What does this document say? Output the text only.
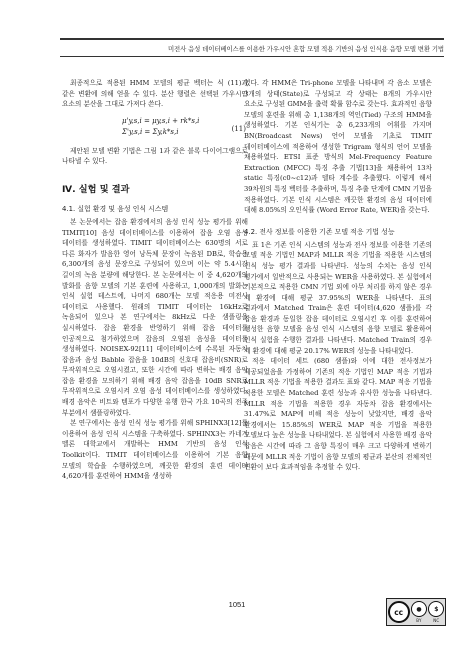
미전사 음성 데이터베이스를 이용한 가우시안 혼합 모델 적용 기반의 음성 인식용 음향 모델 변환 기법

최종적으로 적용된 HMM 모델의 평균 벡터는 식 (11)과 같은 변환에 의해 얻을 수 있다. 분산 행렬은 선택된 가우시안 요소의 분산을 그대로 가져다 쓴다.

μ'y,s,i = μy,s,i + rk*s,i
Σ'y,s,i = Σy,k*s,i	(11)

제안된 모델 변환 기법은 그림 1과 같은 블록 다이어그램으로 나타낼 수 있다.

Ⅳ. 실험 및 결과
4.1. 실험 환경 및 음성 인식 시스템

본 논문에서는 잡음 환경에서의 음성 인식 성능 평가를 위해 TIMIT[10] 음성 데이터베이스를 이용하여 잡음 오염 음성 데이터를 생성하였다. TIMIT 데이터베이스는 630명의 서로 다른 화자가 발음한 영어 낭독체 문장이 녹음된 DB로, 학습용 6,300개의 음성 문장으로 구성되어 있으며 이는 약 5.4시간 길이의 녹음 분량에 해당한다. 본 논문에서는 이 중 4,620개의 발화를 음향 모델의 기본 훈련에 사용하고, 1,000개의 발화는 인식 실험 테스트에, 나머지 680개는 모델 적응용 미전사 데이터로 사용했다. 원래의 TIMIT 데이터는 16kHz로 녹음되어 있으나 본 연구에서는 8kHz로 다운 샘플링을 실시하였다. 잡음 환경을 반영하기 위해 잡음 데이터를 인공적으로 첨가하였으며 잡음의 오염된 음성을 데이터를 생성하였다. NOISEX-92[11] 데이터베이스에 수록된 자동차 잡음과 음성 Babble 잡음을 10dB의 신호대 잡음비(SNR)로 무작위적으로 오염시켰고, 또한 시간에 따라 변하는 배경 음악 잡음 환경을 모의하기 위해 배경 음악 잡음을 10dB SNR로 무작위적으로 오염시켜 오염 음성 데이터베이스를 생성하였다. 배경 음악은 비트와 템포가 다양한 유행 한국 가요 10곡의 전주 부분에서 샘플링하였다.

본 연구에서는 음성 인식 성능 평가를 위해 SPHINX3[12]를 이용하여 음성 인식 시스템을 구축하였다. SPHINX3는 카네기 멜론 대학교에서 개발하는 HMM 기반의 음성 인식 Toolkit이다. TIMIT 데이터베이스를 이용하여 기본 음향 모델의 학습을 수행하였으며, 깨끗한 환경의 훈련 데이터 4,620개를 훈련하여 HMM을 생성하

였다. 각 HMM은 Tri-phone 모델을 나타내며 각 음소 모델은 3개의 상태(State)로 구성되고 각 상태는 8개의 가우시안 요소로 구성된 GMM을 출력 확률 함수로 갖는다. 효과적인 음향 모델의 훈련을 위해 총 1,138개의 역인(Tied) 구조의 HMM을 생성하였다. 기본 인식기는 총 6,233개의 어휘를 가지며 BN(Broadcast News) 언어 모델을 기초로 TIMIT 데이터베이스에 적용하여 생성한 Trigram 형식의 언어 모델을 채용하였다. ETSI 표준 방식의 Mel-Frequency Feature Extraction (MFCC) 특징 추출 기법[13]을 채용하여 13차 static 특징(c0~c12)과 델타 계수를 추출했다. 이렇게 해서 39차원의 특징 벡터를 추출하며, 특징 추출 단계에 CMN 기법을 적용하였다. 기본 인식 시스템은 깨끗한 환경의 음성 데이터에 대해 8.05%의 오인식률 (Word Error Rate, WER)을 갖는다.

4.2. 전사 정보를 이용한 기존 모델 적응 기법 성능

표 1은 기존 인식 시스템의 성능과 전사 정보를 이용한 기존의 모델 적응 기법인 MAP과 MLLR 적응 기법을 적용한 시스템의 인식 성능 평가 결과를 나타낸다. 성능의 수치는 음성 인식 평가에서 일반적으로 사용되는 WER을 사용하였다. 본 실험에서 기본적으로 적용한 CMN 기법 외에 아무 처리를 하지 않은 경우 세 환경에 대해 평균 37.95%의 WER을 나타낸다. 표의 결과에서 Matched Train은 훈련 데이터(4,620 샘플)를 각 잡음 환경과 동일한 잡음 데이터로 오염시킨 후 이를 훈련하여 생성한 음향 모델을 음성 인식 시스템의 음향 모델로 활용하여 인식 실험을 수행한 결과를 나타낸다. Matched Train의 경우 세 환경에 대해 평균 20.17% WER의 성능을 나타내었다.

적응 데이터 세트 (680 샘플)와 이에 대한 전사정보가 제공되었음을 가정하여 기존의 적응 기법인 MAP 적응 기법과 MLLR 적응 기법을 적용한 결과도 표와 같다. MAP 적응 기법을 적용한 모델은 Matched 훈련 성능과 유사한 성능을 나타낸다. MLLR 적응 기법을 적용한 경우 자동차 잡음 환경에서는 31.47%로 MAP에 비해 적응 성능이 낮았지만, 배경 음악 환경에서는 15.85%의 WER로 MAP 적응 기법을 적용한 모델보다 높은 성능을 나타내었다. 본 실험에서 사용한 배경 음악 잡음은 시간에 따라 그 음향 특징이 매우 크고 다양하게 변하기 때문에 MLLR 적응 기법이 음향 모델의 평균과 분산의 전체적인 변환이 보다 효과적임을 추정할 수 있다.

1051
cc	●
BY
$
NC
